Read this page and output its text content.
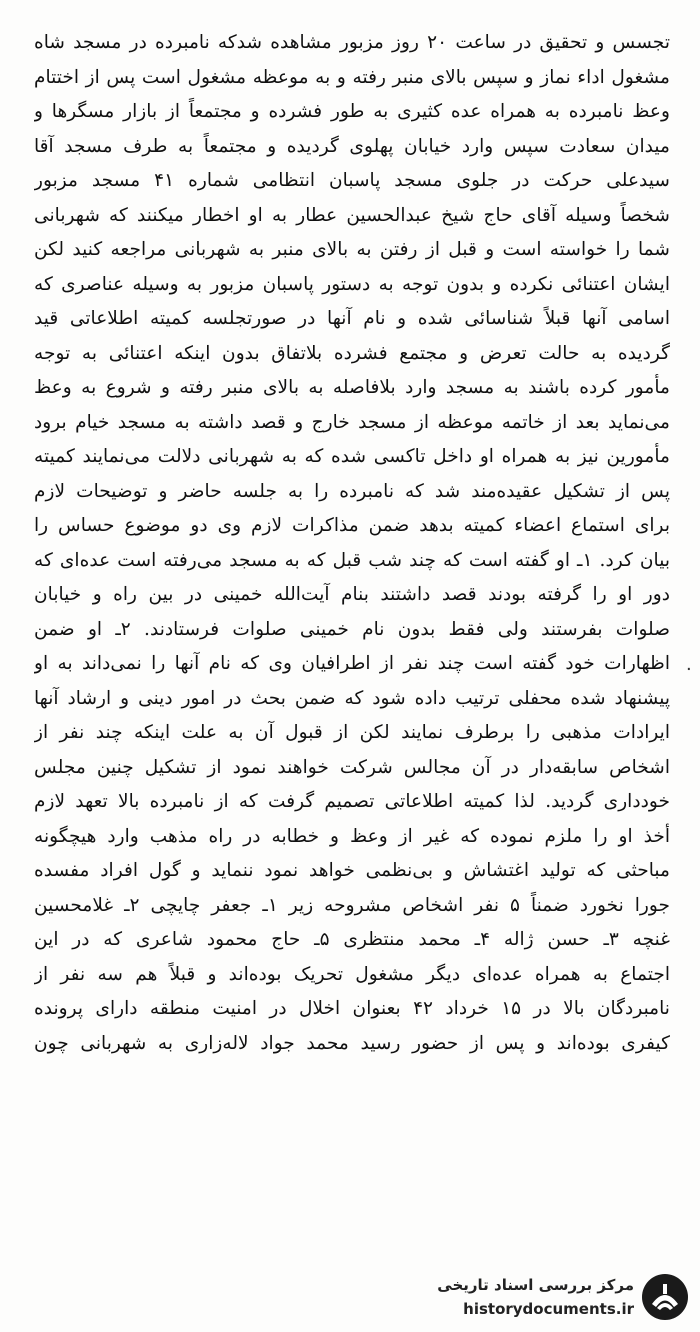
تجسس و تحقیق در ساعت ۲۰ روز مزبور مشاهده شدکه نامبرده در مسجد شاه
مشغول اداء نماز و سپس بالای منبر رفته و به موعظه مشغول است پس از اختتام
وعظ نامبرده به همراه عده کثیری به طور فشرده و مجتمعاً از بازار مسگرها و
میدان سعادت سپس وارد خیابان پهلوی گردیده و مجتمعاً به طرف مسجد آقا
سیدعلی حرکت در جلوی مسجد پاسبان انتظامی شماره ۴۱ مسجد مزبور
شخصاً وسیله آقای حاج شیخ عبدالحسین عطار به او اخطار میکنند که شهربانی
شما را خواسته است و قبل از رفتن به بالای منبر به شهربانی مراجعه کنید لکن
ایشان اعتنائی نکرده و بدون توجه به دستور پاسبان مزبور به وسیله عناصری که
اسامی آنها قبلاً شناسائی شده و نام آنها در صورتجلسه کمیته اطلاعاتی قید
گردیده به حالت تعرض و مجتمع فشرده بلاتفاق بدون اینکه اعتنائی به توجه
مأمور کرده باشند به مسجد وارد بلافاصله به بالای منبر رفته و شروع به وعظ
می‌نماید بعد از خاتمه موعظه از مسجد خارج و قصد داشته به مسجد خیام برود
مأمورین نیز به همراه او داخل تاکسی شده که به شهربانی دلالت می‌نمایند کمیته
پس از تشکیل عقیده‌مند شد که نامبرده را به جلسه حاضر و توضیحات لازم
برای استماع اعضاء کمیته بدهد ضمن مذاکرات لازم وی دو موضوع حساس را
بیان کرد. ۱ـ او گفته است که چند شب قبل که به مسجد می‌رفته است عده‌ای که
دور او را گرفته بودند قصد داشتند بنام آیت‌الله خمینی در بین راه و خیابان
صلوات بفرستند ولی فقط بدون نام خمینی صلوات فرستادند. ۲ـ او ضمن
اظهارات خود گفته است چند نفر از اطرافیان وی که نام آنها را نمی‌داند به او
پیشنهاد شده محفلی ترتیب داده شود که ضمن بحث در امور دینی و ارشاد آنها
ایرادات مذهبی را برطرف نمایند لکن از قبول آن به علت اینکه چند نفر از
اشخاص سابقه‌دار در آن مجالس شرکت خواهند نمود از تشکیل چنین مجلس
خودداری گردید. لذا کمیته اطلاعاتی تصمیم گرفت که از نامبرده بالا تعهد لازم
أخذ او را ملزم نموده که غیر از وعظ و خطابه در راه مذهب وارد هیچگونه
مباحثی که تولید اغتشاش و بی‌نظمی خواهد نمود ننماید و گول افراد مفسده
جورا نخورد ضمناً ۵ نفر اشخاص مشروحه زیر ۱ـ جعفر چایچی ۲ـ غلامحسین
غنچه ۳ـ حسن ژاله ۴ـ محمد منتظری ۵ـ حاج محمود شاعری که در این
اجتماع به همراه عده‌ای دیگر مشغول تحریک بوده‌اند و قبلاً هم سه نفر از
نامبردگان بالا در ۱۵ خرداد ۴۲ بعنوان اخلال در امنیت منطقه دارای پرونده
کیفری بوده‌اند و پس از حضور رسید محمد جواد لاله‌زاری به شهربانی چون
۰
مرکز بررسی اسناد تاریخی
historydocuments.ir
